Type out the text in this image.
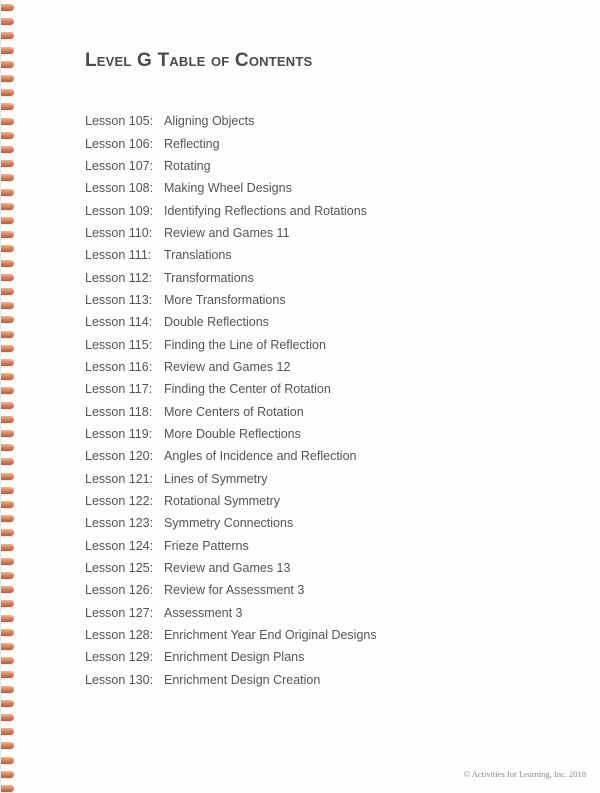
Level G Table of Contents
Lesson 105: Aligning Objects
Lesson 106: Reflecting
Lesson 107: Rotating
Lesson 108: Making Wheel Designs
Lesson 109: Identifying Reflections and Rotations
Lesson 110: Review and Games 11
Lesson 111:	Translations
Lesson 112: Transformations
Lesson 113: More Transformations
Lesson 114: Double Reflections
Lesson 115: Finding the Line of Reflection
Lesson 116: Review and Games 12
Lesson 117: Finding the Center of Rotation
Lesson 118: More Centers of Rotation
Lesson 119: More Double Reflections
Lesson 120: Angles of Incidence and Reflection
Lesson 121: Lines of Symmetry
Lesson 122: Rotational Symmetry
Lesson 123: Symmetry Connections
Lesson 124: Frieze Patterns
Lesson 125: Review and Games 13
Lesson 126: Review for Assessment 3
Lesson 127: Assessment 3
Lesson 128: Enrichment Year End Original Designs
Lesson 129: Enrichment Design Plans
Lesson 130: Enrichment Design Creation
© Activities for Learning, Inc. 2018
